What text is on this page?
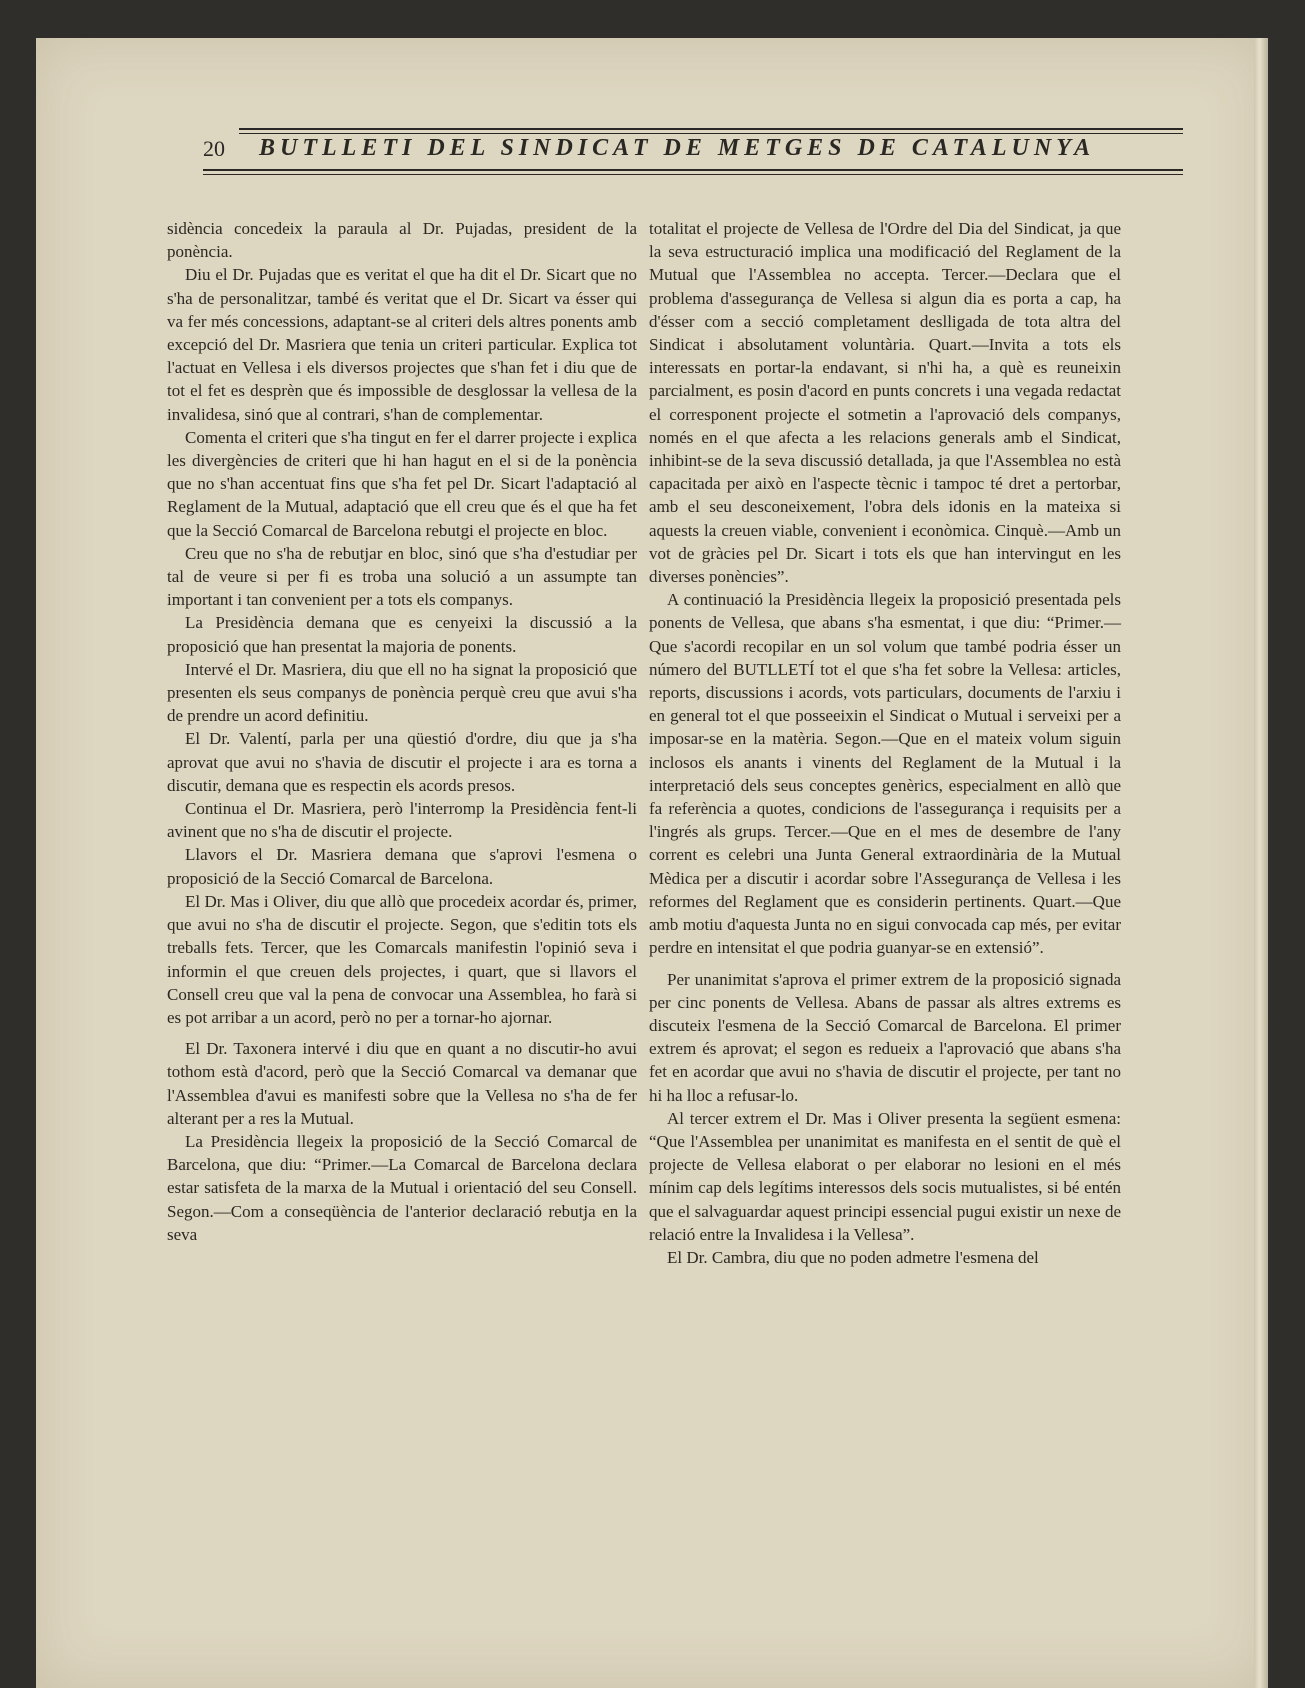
20 BUTLLETI DEL SINDICAT DE METGES DE CATALUNYA

sidència concedeix la paraula al Dr. Pujadas, president de la ponència.

Diu el Dr. Pujadas que es veritat el que ha dit el Dr. Sicart que no s'ha de personalitzar, també és veritat que el Dr. Sicart va ésser qui va fer més concessions, adaptant-se al criteri dels altres ponents amb excepció del Dr. Masriera que tenia un criteri particular. Explica tot l'actuat en Vellesa i els diversos projectes que s'han fet i diu que de tot el fet es desprèn que és impossible de desglossar la vellesa de la invalidesa, sinó que al contrari, s'han de complementar.

Comenta el criteri que s'ha tingut en fer el darrer projecte i explica les divergències de criteri que hi han hagut en el si de la ponència que no s'han accentuat fins que s'ha fet pel Dr. Sicart l'adaptació al Reglament de la Mutual, adaptació que ell creu que és el que ha fet que la Secció Comarcal de Barcelona rebutgi el projecte en bloc.

Creu que no s'ha de rebutjar en bloc, sinó que s'ha d'estudiar per tal de veure si per fi es troba una solució a un assumpte tan important i tan convenient per a tots els companys.

La Presidència demana que es cenyeixi la discussió a la proposició que han presentat la majoria de ponents.

Intervé el Dr. Masriera, diu que ell no ha signat la proposició que presenten els seus companys de ponència perquè creu que avui s'ha de prendre un acord definitiu.

El Dr. Valentí, parla per una qüestió d'ordre, diu que ja s'ha aprovat que avui no s'havia de discutir el projecte i ara es torna a discutir, demana que es respectin els acords presos.

Continua el Dr. Masriera, però l'interromp la Presidència fent-li avinent que no s'ha de discutir el projecte.

Llavors el Dr. Masriera demana que s'aprovi l'esmena o proposició de la Secció Comarcal de Barcelona.

El Dr. Mas i Oliver, diu que allò que procedeix acordar és, primer, que avui no s'ha de discutir el projecte. Segon, que s'editin tots els treballs fets. Tercer, que les Comarcals manifestin l'opinió seva i informin el que creuen dels projectes, i quart, que si llavors el Consell creu que val la pena de convocar una Assemblea, ho farà si es pot arribar a un acord, però no per a tornar-ho ajornar.

El Dr. Taxonera intervé i diu que en quant a no discutir-ho avui tothom està d'acord, però que la Secció Comarcal va demanar que l'Assemblea d'avui es manifesti sobre que la Vellesa no s'ha de fer alterant per a res la Mutual.

La Presidència llegeix la proposició de la Secció Comarcal de Barcelona, que diu: “Primer.—La Comarcal de Barcelona declara estar satisfeta de la marxa de la Mutual i orientació del seu Consell. Segon.—Com a conseqüència de l'anterior declaració rebutja en la seva

totalitat el projecte de Vellesa de l'Ordre del Dia del Sindicat, ja que la seva estructuració implica una modificació del Reglament de la Mutual que l'Assemblea no accepta. Tercer.—Declara que el problema d'assegurança de Vellesa si algun dia es porta a cap, ha d'ésser com a secció completament deslligada de tota altra del Sindicat i absolutament voluntària. Quart.—Invita a tots els interessats en portar-la endavant, si n'hi ha, a què es reuneixin parcialment, es posin d'acord en punts concrets i una vegada redactat el corresponent projecte el sotmetin a l'aprovació dels companys, només en el que afecta a les relacions generals amb el Sindicat, inhibint-se de la seva discussió detallada, ja que l'Assemblea no està capacitada per això en l'aspecte tècnic i tampoc té dret a pertorbar, amb el seu desconeixement, l'obra dels idonis en la mateixa si aquests la creuen viable, convenient i econòmica. Cinquè.—Amb un vot de gràcies pel Dr. Sicart i tots els que han intervingut en les diverses ponències”.

A continuació la Presidència llegeix la proposició presentada pels ponents de Vellesa, que abans s'ha esmentat, i que diu: “Primer.—Que s'acordi recopilar en un sol volum que també podria ésser un número del BUTLLETÍ tot el que s'ha fet sobre la Vellesa: articles, reports, discussions i acords, vots particulars, documents de l'arxiu i en general tot el que posseeixin el Sindicat o Mutual i serveixi per a imposar-se en la matèria. Segon.—Que en el mateix volum siguin inclosos els anants i vinents del Reglament de la Mutual i la interpretació dels seus conceptes genèrics, especialment en allò que fa referència a quotes, condicions de l'assegurança i requisits per a l'ingrés als grups. Tercer.—Que en el mes de desembre de l'any corrent es celebri una Junta General extraordinària de la Mutual Mèdica per a discutir i acordar sobre l'Assegurança de Vellesa i les reformes del Reglament que es considerin pertinents. Quart.—Que amb motiu d'aquesta Junta no en sigui convocada cap més, per evitar perdre en intensitat el que podria guanyar-se en extensió”.

Per unanimitat s'aprova el primer extrem de la proposició signada per cinc ponents de Vellesa. Abans de passar als altres extrems es discuteix l'esmena de la Secció Comarcal de Barcelona. El primer extrem és aprovat; el segon es redueix a l'aprovació que abans s'ha fet en acordar que avui no s'havia de discutir el projecte, per tant no hi ha lloc a refusar-lo.

Al tercer extrem el Dr. Mas i Oliver presenta la següent esmena: “Que l'Assemblea per unanimitat es manifesta en el sentit de què el projecte de Vellesa elaborat o per elaborar no lesioni en el més mínim cap dels legítims interessos dels socis mutualistes, si bé entén que el salvaguardar aquest principi essencial pugui existir un nexe de relació entre la Invalidesa i la Vellesa”.

El Dr. Cambra, diu que no poden admetre l'esmena del
